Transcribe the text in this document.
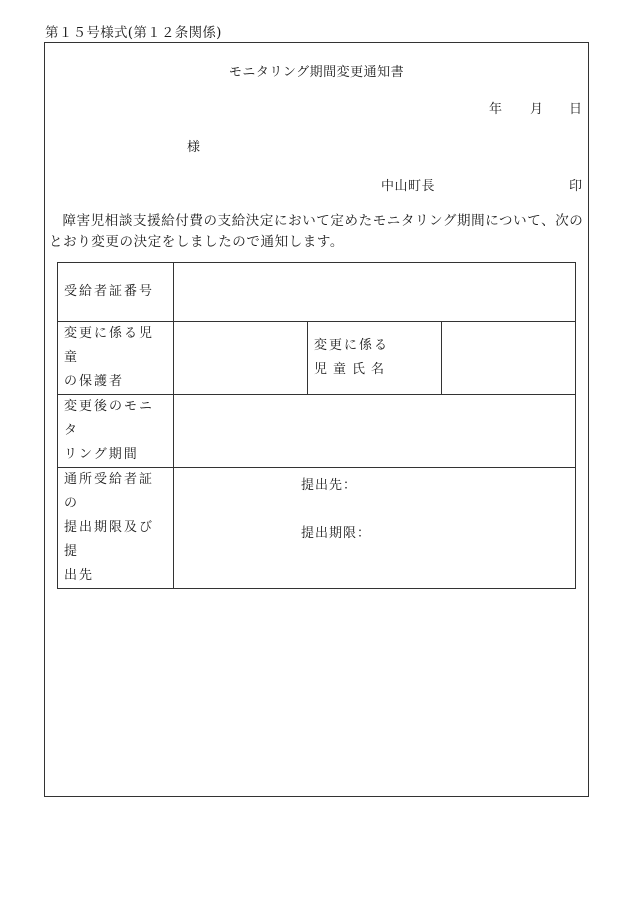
第１５号様式(第１２条関係)
モニタリング期間変更通知書
年 月 日
様
中山町長	印
障害児相談支援給付費の支給決定において定めたモニタリング期間について、次のとおり変更の決定をしましたので通知します。
受給者証番号			

変更に係る児童
の保護者		変更に係る
児童氏名	

変更後のモニタ
リング期間			

通所受給者証の
提出期限及び提
出先	提出先：
提出期限：		
